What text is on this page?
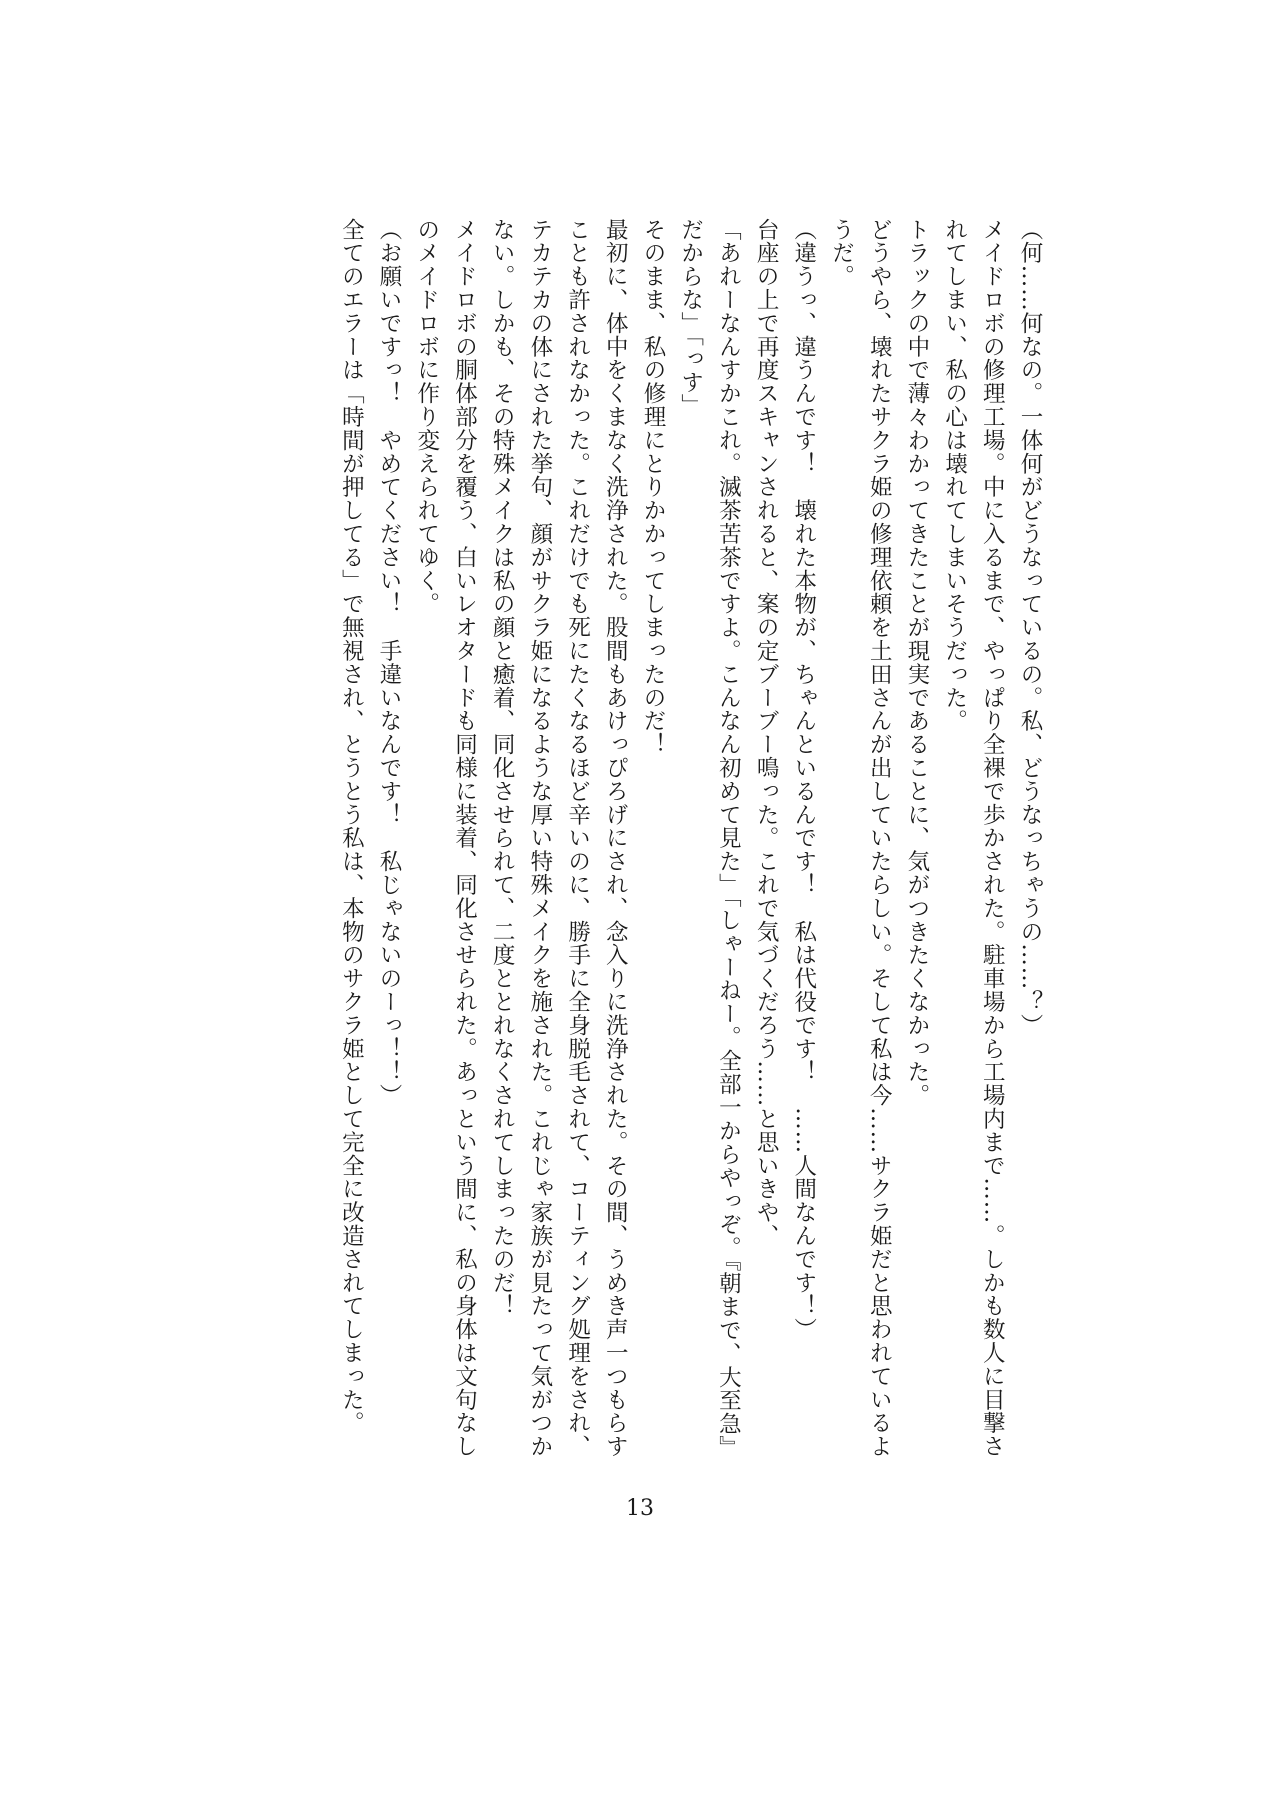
（何……何なの。一体何がどうなっているの。私、どうなっちゃうの……？）

メイドロボの修理工場。中に入るまで、やっぱり全裸で歩かされた。駐車場から工場内まで……。しかも数人に目撃されてしまい、私の心は壊れてしまいそうだった。

トラックの中で薄々わかってきたことが現実であることに、気がつきたくなかった。

どうやら、壊れたサクラ姫の修理依頼を土田さんが出していたらしい。そして私は今……サクラ姫だと思われているようだ。

（違うっ、違うんです！　壊れた本物が、ちゃんといるんです！　私は代役です！　……人間なんです！）

台座の上で再度スキャンされると、案の定ブーブー鳴った。これで気づくだろう……と思いきや、

「あれーなんすかこれ。滅茶苦茶ですよ。こんなん初めて見た」「しゃーねー。全部一からやっぞ。『朝まで、大至急』だからな」「っす」

そのまま、私の修理にとりかかってしまったのだ！

最初に、体中をくまなく洗浄された。股間もあけっぴろげにされ、念入りに洗浄された。その間、うめき声一つもらすことも許されなかった。これだけでも死にたくなるほど辛いのに、勝手に全身脱毛されて、コーティング処理をされ、テカテカの体にされた挙句、顔がサクラ姫になるような厚い特殊メイクを施された。これじゃ家族が見たって気がつかない。しかも、その特殊メイクは私の顔と癒着、同化させられて、二度ととれなくされてしまったのだ！

メイドロボの胴体部分を覆う、白いレオタードも同様に装着、同化させられた。あっという間に、私の身体は文句なしのメイドロボに作り変えられてゆく。

（お願いですっ！　やめてください！　手違いなんです！　私じゃないのーっ！！）

全てのエラーは「時間が押してる」で無視され、とうとう私は、本物のサクラ姫として完全に改造されてしまった。

13
